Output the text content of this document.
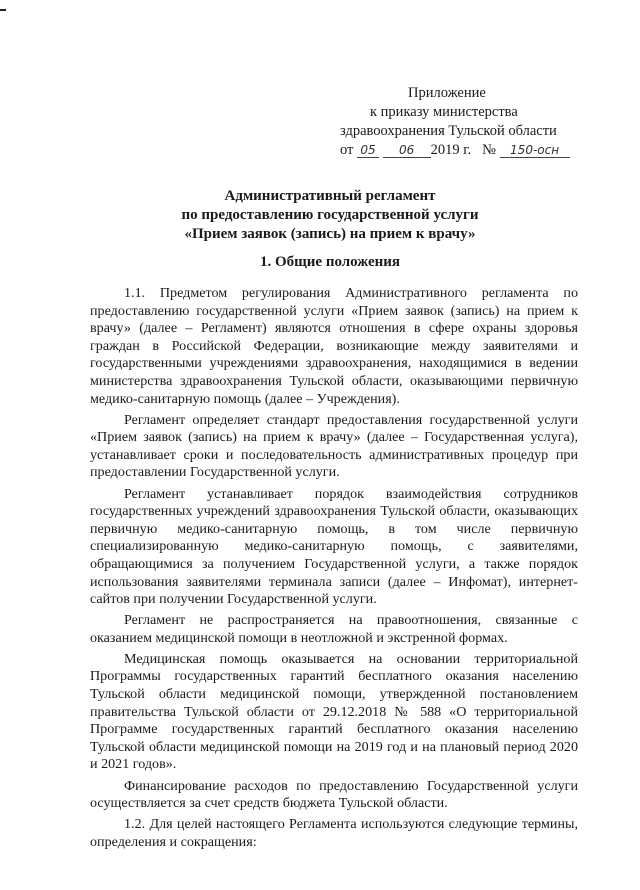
Приложение
к приказу министерства
здравоохранения Тульской области
от 05 06 2019 г. № 150-осн
Административный регламент
по предоставлению государственной услуги
«Прием заявок (запись) на прием к врачу»
1. Общие положения

1.1. Предметом регулирования Административного регламента по предоставлению государственной услуги «Прием заявок (запись) на прием к врачу» (далее – Регламент) являются отношения в сфере охраны здоровья граждан в Российской Федерации, возникающие между заявителями и государственными учреждениями здравоохранения, находящимися в ведении министерства здравоохранения Тульской области, оказывающими первичную медико-санитарную помощь (далее – Учреждения).

Регламент определяет стандарт предоставления государственной услуги «Прием заявок (запись) на прием к врачу» (далее – Государственная услуга), устанавливает сроки и последовательность административных процедур при предоставлении Государственной услуги.

Регламент устанавливает порядок взаимодействия сотрудников государственных учреждений здравоохранения Тульской области, оказывающих первичную медико-санитарную помощь, в том числе первичную специализированную медико-санитарную помощь, с заявителями, обращающимися за получением Государственной услуги, а также порядок использования заявителями терминала записи (далее – Инфомат), интернет-сайтов при получении Государственной услуги.

Регламент не распространяется на правоотношения, связанные с оказанием медицинской помощи в неотложной и экстренной формах.

Медицинская помощь оказывается на основании территориальной Программы государственных гарантий бесплатного оказания населению Тульской области медицинской помощи, утвержденной постановлением правительства Тульской области от 29.12.2018 № 588 «О территориальной Программе государственных гарантий бесплатного оказания населению Тульской области медицинской помощи на 2019 год и на плановый период 2020 и 2021 годов».

Финансирование расходов по предоставлению Государственной услуги осуществляется за счет средств бюджета Тульской области.

1.2. Для целей настоящего Регламента используются следующие термины, определения и сокращения:
